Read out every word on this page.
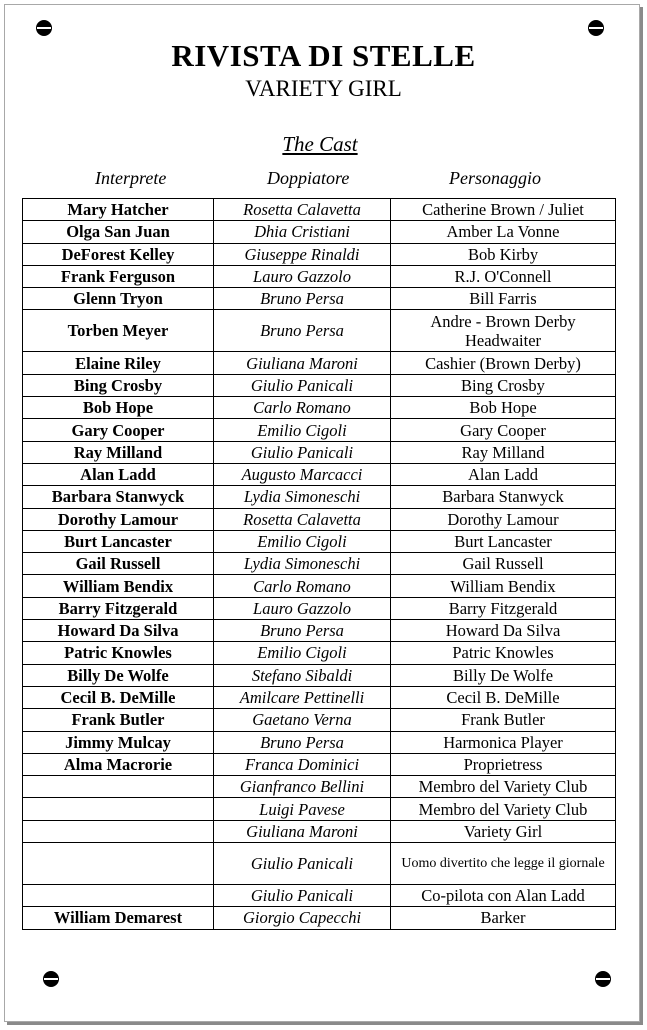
RIVISTA DI STELLE
VARIETY GIRL
The Cast
Interprete	Doppiatore	Personaggio
Mary Hatcher	Rosetta Calavetta	Catherine Brown / Juliet
Olga San Juan	Dhia Cristiani	Amber La Vonne
DeForest Kelley	Giuseppe Rinaldi	Bob Kirby
Frank Ferguson	Lauro Gazzolo	R.J. O'Connell
Glenn Tryon	Bruno Persa	Bill Farris
Torben Meyer	Bruno Persa	Andre - Brown Derby Headwaiter
Elaine Riley	Giuliana Maroni	Cashier (Brown Derby)
Bing Crosby	Giulio Panicali	Bing Crosby
Bob Hope	Carlo Romano	Bob Hope
Gary Cooper	Emilio Cigoli	Gary Cooper
Ray Milland	Giulio Panicali	Ray Milland
Alan Ladd	Augusto Marcacci	Alan Ladd
Barbara Stanwyck	Lydia Simoneschi	Barbara Stanwyck
Dorothy Lamour	Rosetta Calavetta	Dorothy Lamour
Burt Lancaster	Emilio Cigoli	Burt Lancaster
Gail Russell	Lydia Simoneschi	Gail Russell
William Bendix	Carlo Romano	William Bendix
Barry Fitzgerald	Lauro Gazzolo	Barry Fitzgerald
Howard Da Silva	Bruno Persa	Howard Da Silva
Patric Knowles	Emilio Cigoli	Patric Knowles
Billy De Wolfe	Stefano Sibaldi	Billy De Wolfe
Cecil B. DeMille	Amilcare Pettinelli	Cecil B. DeMille
Frank Butler	Gaetano Verna	Frank Butler
Jimmy Mulcay	Bruno Persa	Harmonica Player
Alma Macrorie	Franca Dominici	Proprietress
	Gianfranco Bellini	Membro del Variety Club
	Luigi Pavese	Membro del Variety Club
	Giuliana Maroni	Variety Girl
	Giulio Panicali	Uomo divertito che legge il giornale
	Giulio Panicali	Co-pilota con Alan Ladd
William Demarest	Giorgio Capecchi	Barker
